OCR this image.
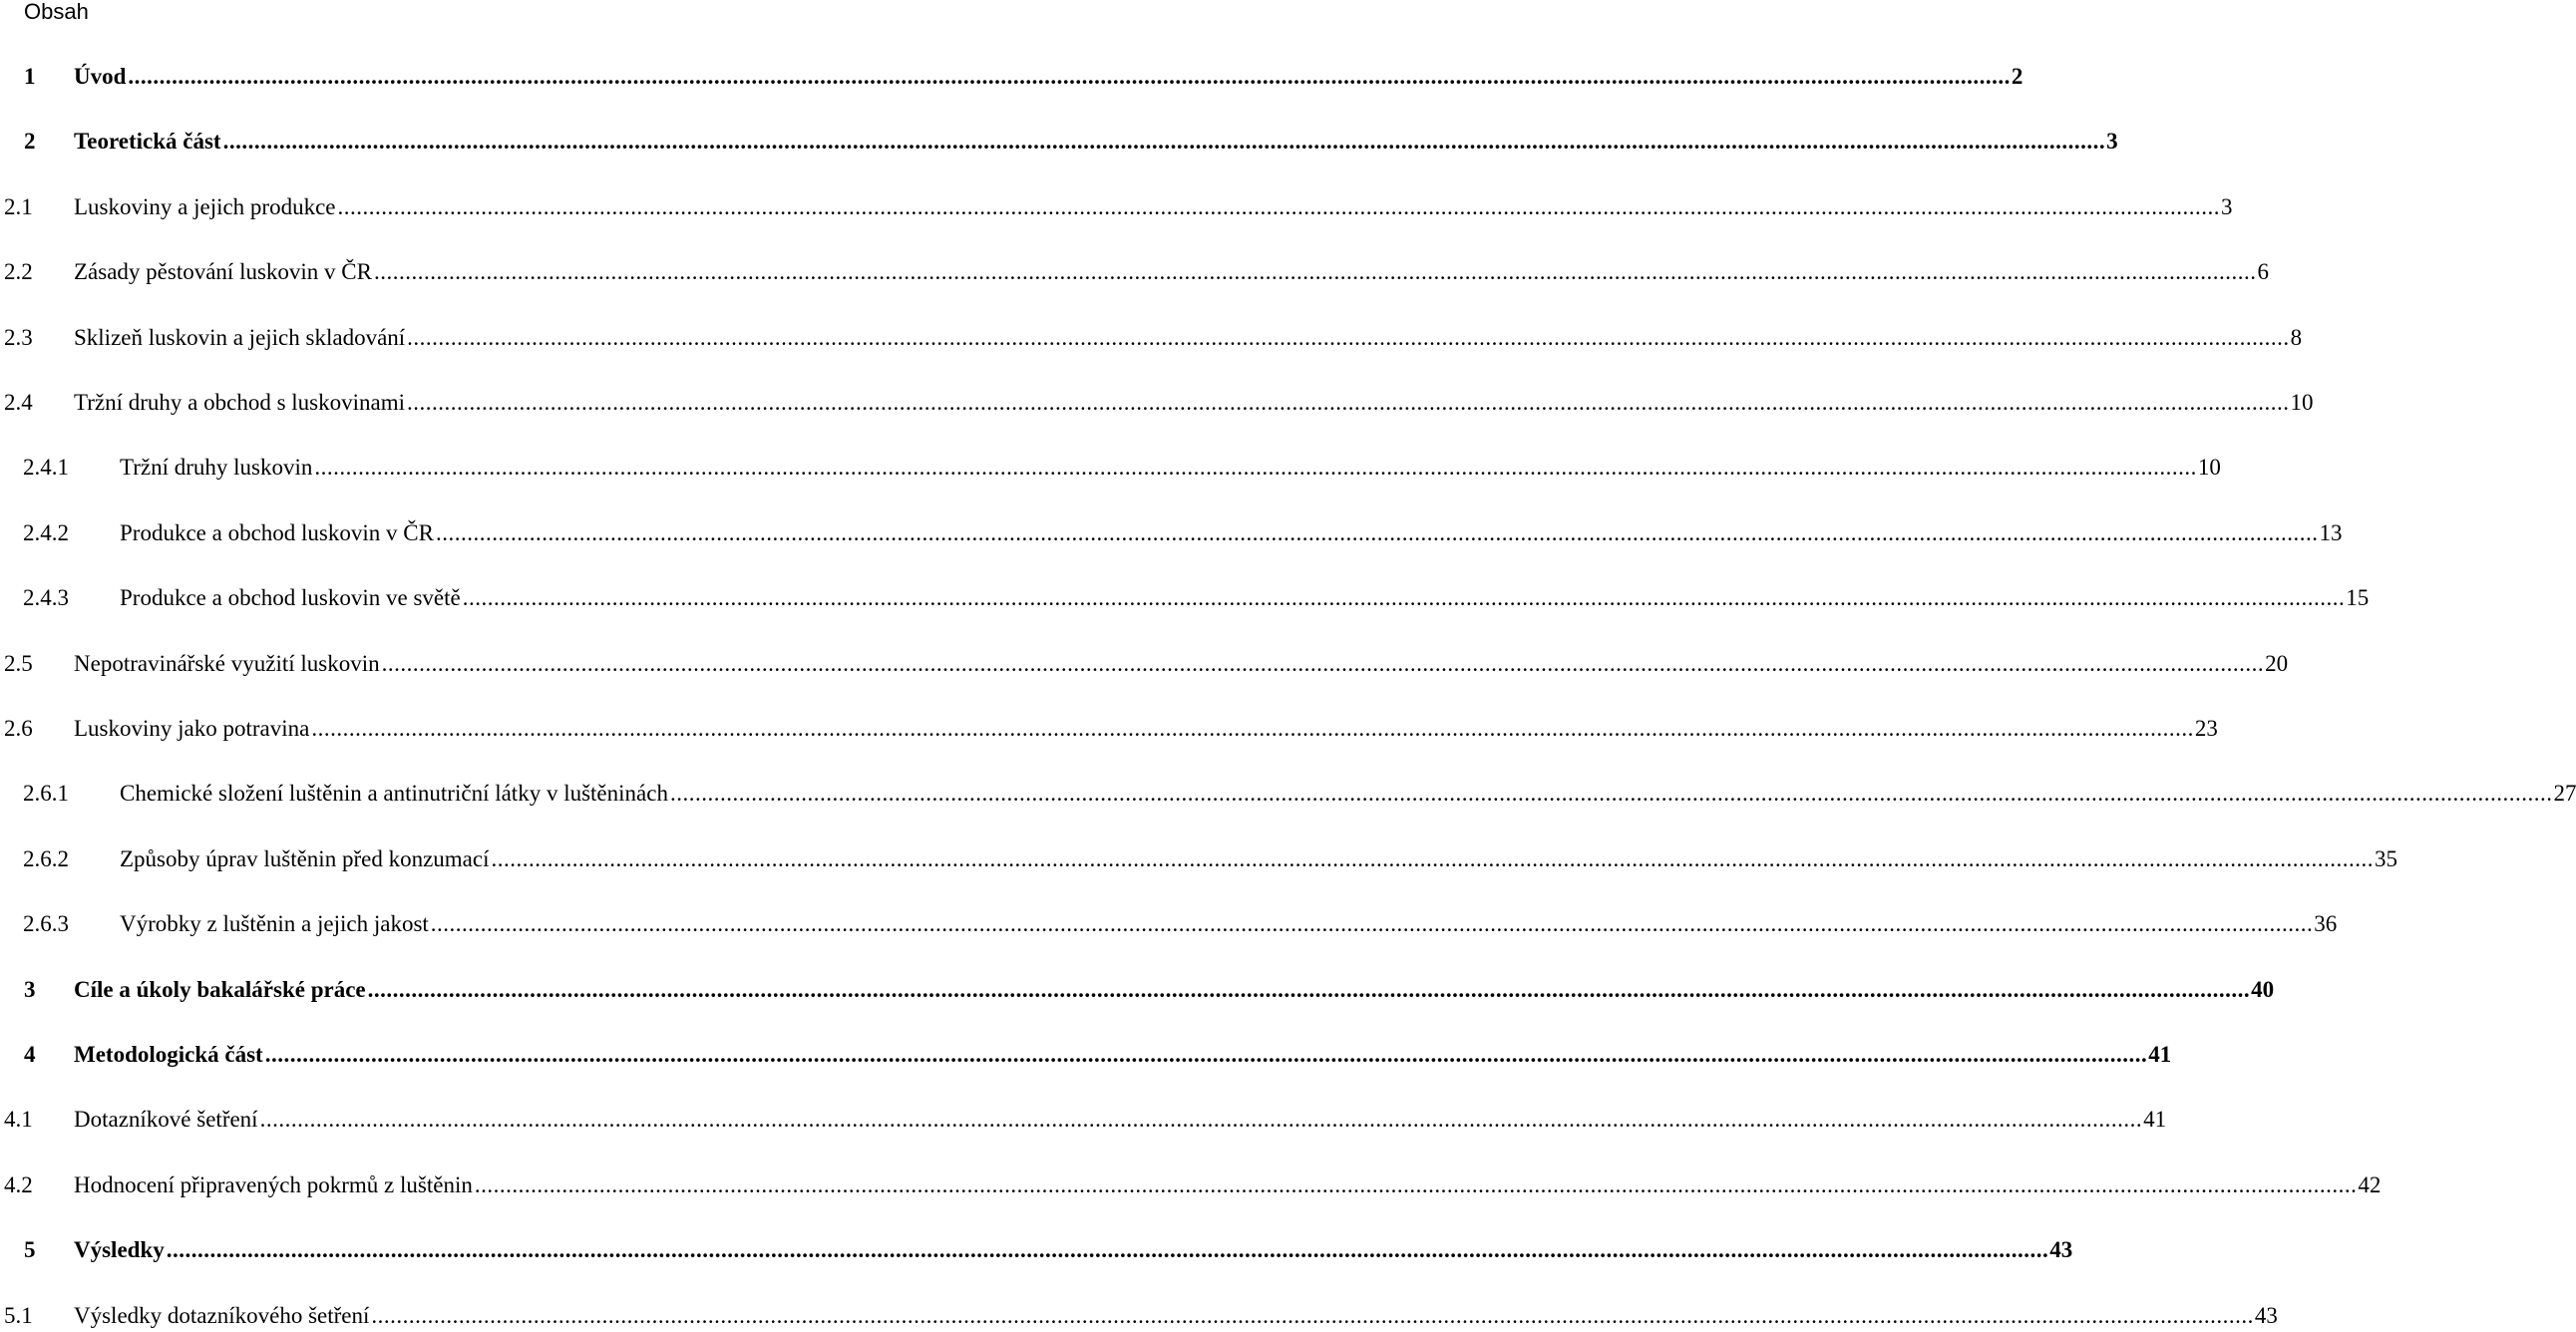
Obsah
1 Úvod .............................................................................................................................................................................................................................................................................................................. 2
2 Teoretická část .............................................................................................................................................................................................................................................................................................................. 3
2.1 Luskoviny a jejich produkce .............................................................................................................................................................................................................................................................................................................. 3
2.2 Zásady pěstování luskovin v ČR .............................................................................................................................................................................................................................................................................................................. 6
2.3 Sklizeň luskovin a jejich skladování .............................................................................................................................................................................................................................................................................................................. 8
2.4 Tržní druhy a obchod s luskovinami .............................................................................................................................................................................................................................................................................................................. 10
2.4.1 Tržní druhy luskovin .............................................................................................................................................................................................................................................................................................................. 10
2.4.2 Produkce a obchod luskovin v ČR .............................................................................................................................................................................................................................................................................................................. 13
2.4.3 Produkce a obchod luskovin ve světě .............................................................................................................................................................................................................................................................................................................. 15
2.5 Nepotravinářské využití luskovin .............................................................................................................................................................................................................................................................................................................. 20
2.6 Luskoviny jako potravina .............................................................................................................................................................................................................................................................................................................. 23
2.6.1 Chemické složení luštěnin a antinutriční látky v luštěninách .............................................................................................................................................................................................................................................................................................................. 27
2.6.2 Způsoby úprav luštěnin před konzumací .............................................................................................................................................................................................................................................................................................................. 35
2.6.3 Výrobky z luštěnin a jejich jakost .............................................................................................................................................................................................................................................................................................................. 36
3 Cíle a úkoly bakalářské práce .............................................................................................................................................................................................................................................................................................................. 40
4 Metodologická část .............................................................................................................................................................................................................................................................................................................. 41
4.1 Dotazníkové šetření .............................................................................................................................................................................................................................................................................................................. 41
4.2 Hodnocení připravených pokrmů z luštěnin .............................................................................................................................................................................................................................................................................................................. 42
5 Výsledky .............................................................................................................................................................................................................................................................................................................. 43
5.1 Výsledky dotazníkového šetření .............................................................................................................................................................................................................................................................................................................. 43
